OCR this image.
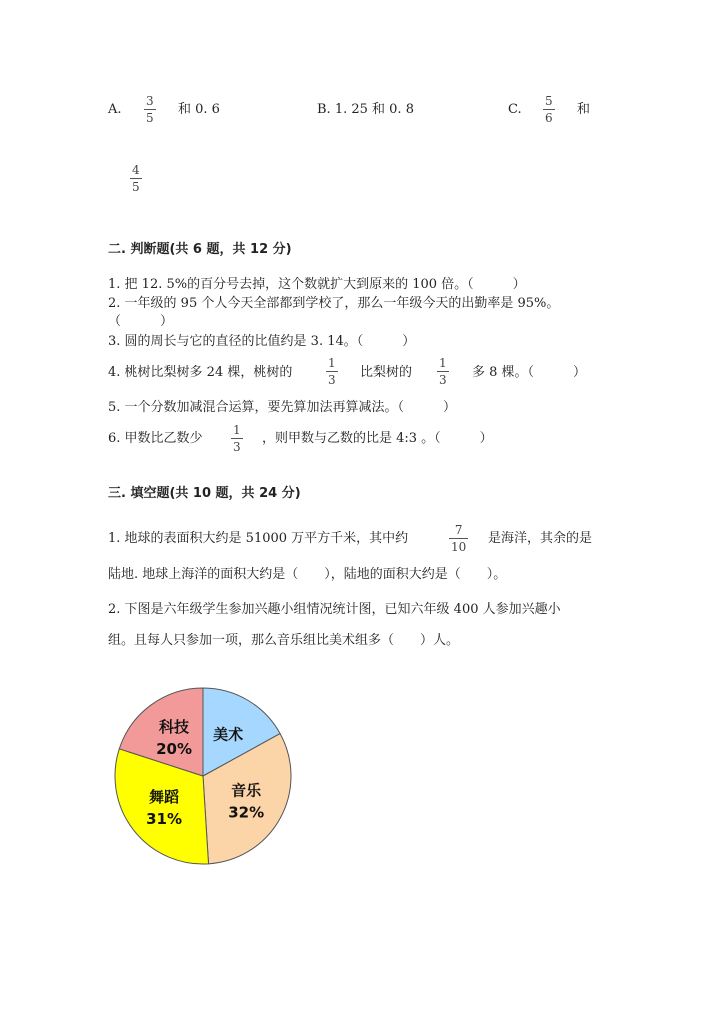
A.
3
5
和 0. 6	B. 1. 25 和 0. 8	C.
5
6
和
4
5
二. 判断题(共 6 题，共 12 分)
1. 把 12. 5%的百分号去掉，这个数就扩大到原来的 100 倍。（　　　）
2. 一年级的 95 个人今天全部都到学校了，那么一年级今天的出勤率是 95%。
（　　　）
3. 圆的周长与它的直径的比值约是 3. 14。（　　　）
4. 桃树比梨树多 24 棵，桃树的
1
3 比梨树的
1
3 多 8 棵。（　　　）
5. 一个分数加减混合运算，要先算加法再算减法。（　　　）
6. 甲数比乙数少
1
3
，则甲数与乙数的比是 4:3 。（　　　）
三. 填空题(共 10 题，共 24 分)
1. 地球的表面积大约是 51000 万平方千米，其中约
7
10
是海洋，其余的是
陆地. 地球上海洋的面积大约是（　　），陆地的面积大约是（　　）。
2. 下图是六年级学生参加兴趣小组情况统计图，已知六年级 400 人参加兴趣小
组。且每人只参加一项，那么音乐组比美术组多（　　）人。
美术
音乐
32%
舞蹈
31%
科技
20%
